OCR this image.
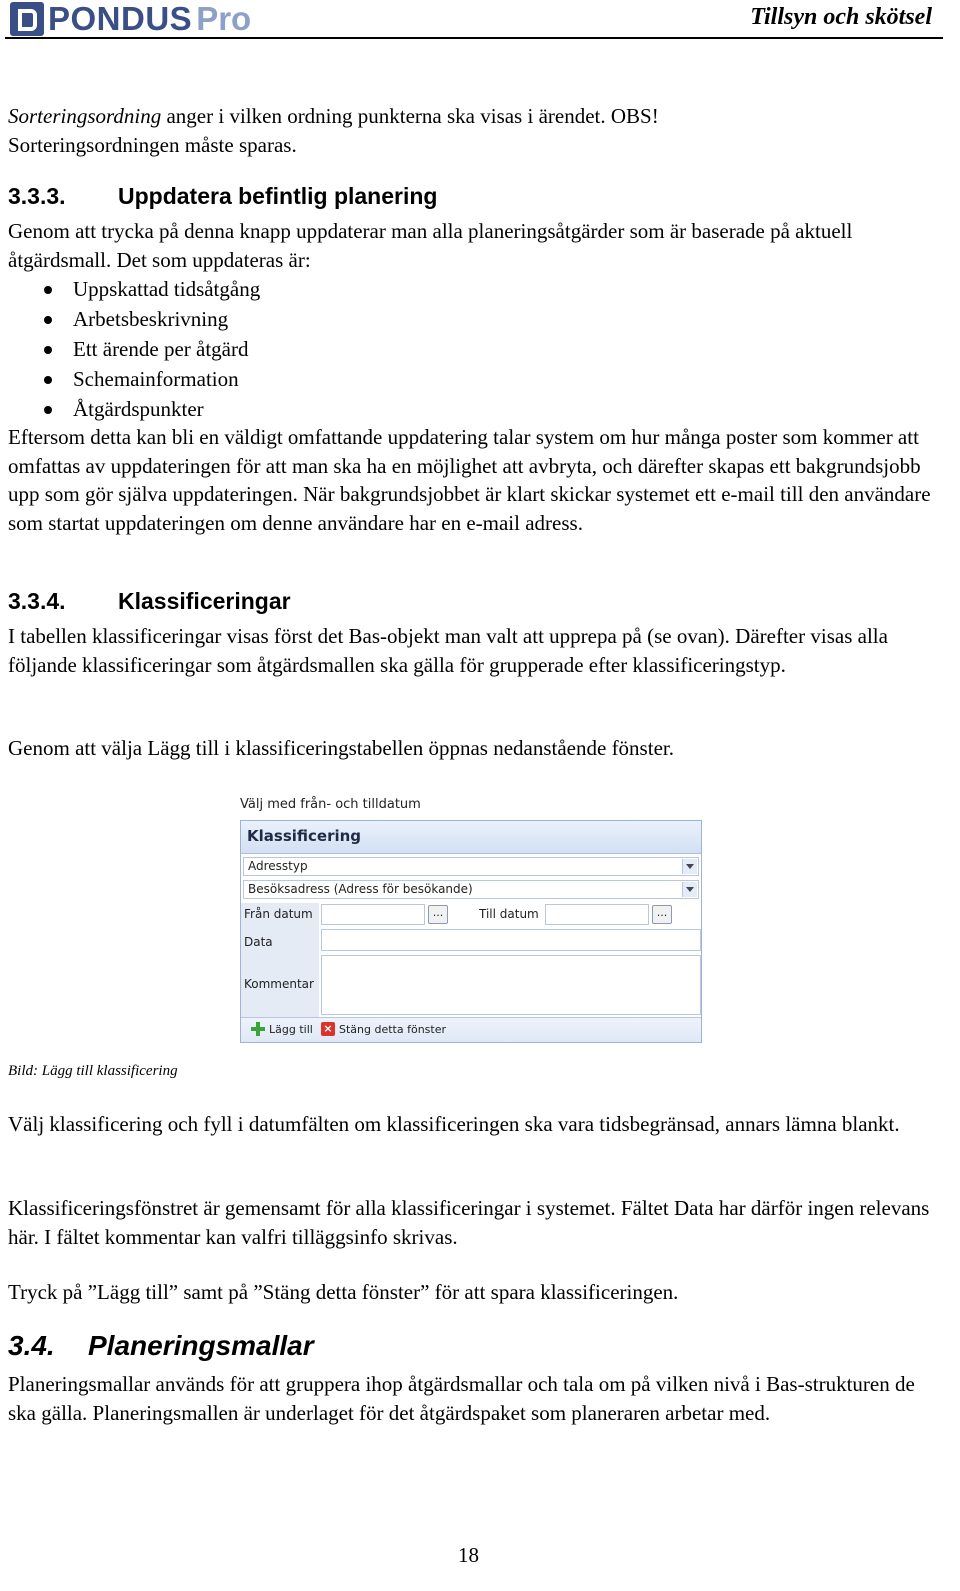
PONDUS Pro	Tillsyn och skötsel
Sorteringsordning anger i vilken ordning punkterna ska visas i ärendet. OBS!
Sorteringsordningen måste sparas.
3.3.3. Uppdatera befintlig planering
Genom att trycka på denna knapp uppdaterar man alla planeringsåtgärder som är baserade på aktuell åtgärdsmall. Det som uppdateras är:
Uppskattad tidsåtgång
Arbetsbeskrivning
Ett ärende per åtgärd
Schemainformation
Åtgärdspunkter
Eftersom detta kan bli en väldigt omfattande uppdatering talar system om hur många poster som kommer att omfattas av uppdateringen för att man ska ha en möjlighet att avbryta, och därefter skapas ett bakgrundsjobb upp som gör själva uppdateringen. När bakgrundsjobbet är klart skickar systemet ett e-mail till den användare som startat uppdateringen om denne användare har en e-mail adress.
3.3.4. Klassificeringar
I tabellen klassificeringar visas först det Bas-objekt man valt att upprepa på (se ovan). Därefter visas alla följande klassificeringar som åtgärdsmallen ska gälla för grupperade efter klassificeringstyp.
Genom att välja Lägg till i klassificeringstabellen öppnas nedanstående fönster.
Välj med från- och tilldatum
Klassificering
Adresstyp
Besöksadress (Adress för besökande)
Från datum	...	Till datum	...
Data
Kommentar
Lägg till × Stäng detta fönster
Bild: Lägg till klassificering
Välj klassificering och fyll i datumfälten om klassificeringen ska vara tidsbegränsad, annars lämna blankt.
Klassificeringsfönstret är gemensamt för alla klassificeringar i systemet. Fältet Data har därför ingen relevans här. I fältet kommentar kan valfri tilläggsinfo skrivas.
Tryck på ”Lägg till” samt på ”Stäng detta fönster” för att spara klassificeringen.
3.4. Planeringsmallar
Planeringsmallar används för att gruppera ihop åtgärdsmallar och tala om på vilken nivå i Bas-strukturen de ska gälla. Planeringsmallen är underlaget för det åtgärdspaket som planeraren arbetar med.
18
